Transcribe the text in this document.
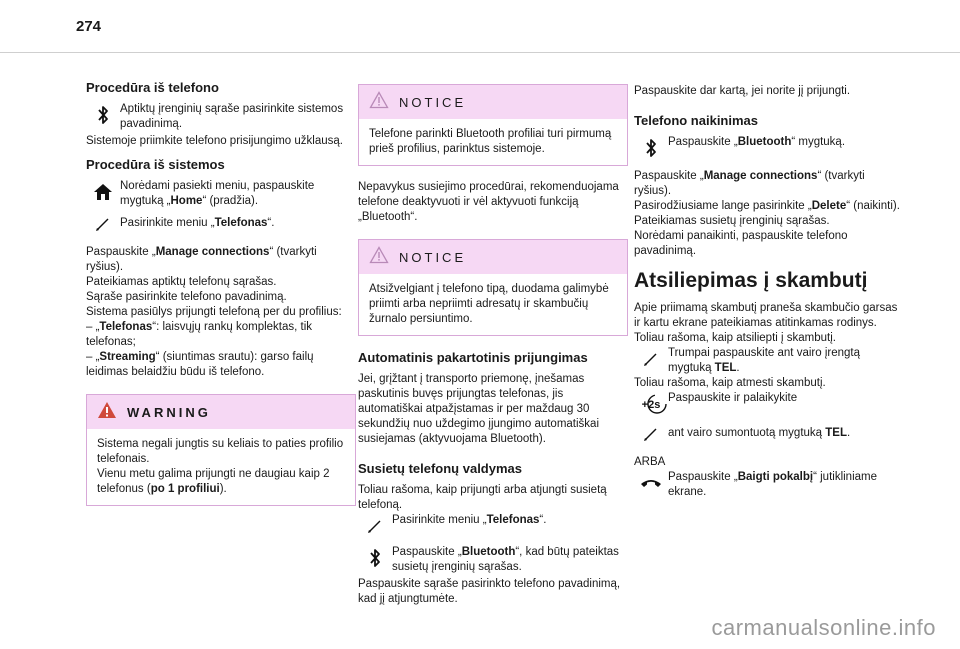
274
Procedūra iš telefono
Aptiktų įrenginių sąraše pasirinkite sistemos pavadinimą.

Sistemoje priimkite telefono prisijungimo užklausą.

Procedūra iš sistemos
Norėdami pasiekti meniu, paspauskite mygtuką „Home“ (pradžia).
Pasirinkite meniu „Telefonas“.

Paspauskite „Manage connections“ (tvarkyti ryšius).

Pateikiamas aptiktų telefonų sąrašas.

Sąraše pasirinkite telefono pavadinimą.

Sistema pasiūlys prijungti telefoną per du profilius:

– „Telefonas“: laisvųjų rankų komplektas, tik telefonas;

– „Streaming“ (siuntimas srautu): garso failų leidimas belaidžiu būdu iš telefono.

WARNING

Sistema negali jungtis su keliais to paties profilio telefonais.

Vienu metu galima prijungti ne daugiau kaip 2 telefonus (po 1 profiliui).

NOTICE
Telefone parinkti Bluetooth profiliai turi pirmumą prieš profilius, parinktus sistemoje.

Nepavykus susiejimo procedūrai, rekomenduojama telefone deaktyvuoti ir vėl aktyvuoti funkciją „Bluetooth“.

NOTICE
Atsižvelgiant į telefono tipą, duodama galimybė priimti arba nepriimti adresatų ir skambučių žurnalo persiuntimo.
Automatinis pakartotinis prijungimas

Jei, grįžtant į transporto priemonę, įnešamas paskutinis buvęs prijungtas telefonas, jis automatiškai atpažįstamas ir per maždaug 30 sekundžių nuo uždegimo įjungimo automatiškai susiejamas (aktyvuojama Bluetooth).

Susietų telefonų valdymas

Toliau rašoma, kaip prijungti arba atjungti susietą telefoną.

Pasirinkite meniu „Telefonas“.
Paspauskite „Bluetooth“, kad būtų pateiktas susietų įrenginių sąrašas.

Paspauskite sąraše pasirinkto telefono pavadinimą, kad jį atjungtumėte.

Paspauskite dar kartą, jei norite jį prijungti.

Telefono naikinimas
Paspauskite „Bluetooth“ mygtuką.

Paspauskite „Manage connections“ (tvarkyti ryšius).

Pasirodžiusiame lange pasirinkite „Delete“ (naikinti).

Pateikiamas susietų įrenginių sąrašas.

Norėdami panaikinti, paspauskite telefono pavadinimą.

Atsiliepimas į skambutį

Apie priimamą skambutį praneša skambučio garsas ir kartu ekrane pateikiamas atitinkamas rodinys.

Toliau rašoma, kaip atsiliepti į skambutį.

Trumpai paspauskite ant vairo įrengtą mygtuką TEL.

Toliau rašoma, kaip atmesti skambutį.

+2s
Paspauskite ir palaikykite
ant vairo sumontuotą mygtuką TEL.

ARBA

Paspauskite „Baigti pokalbį“ jutikliniame ekrane.
carmanualsonline.info
